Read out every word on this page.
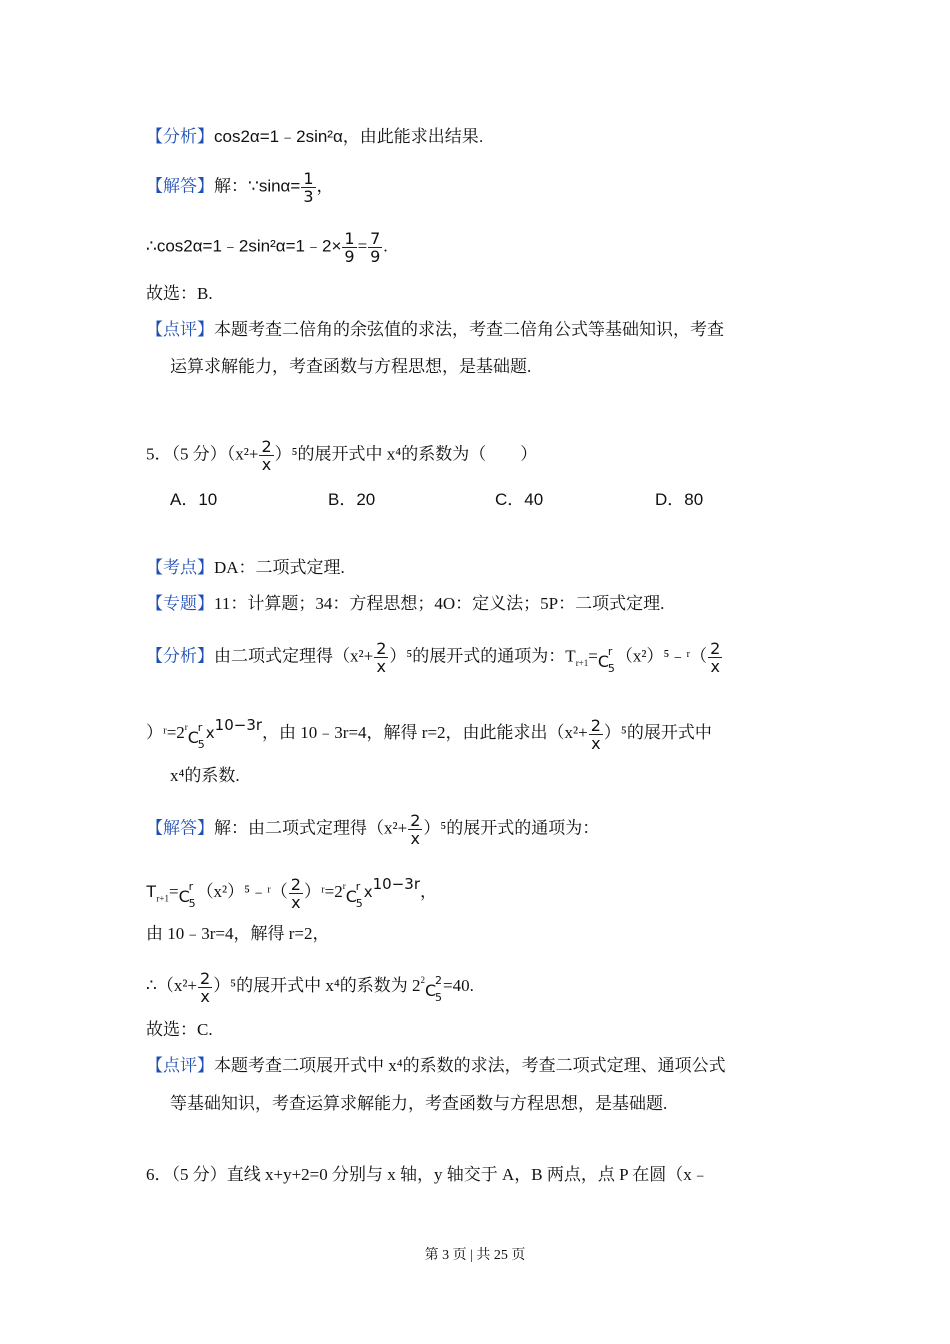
【分析】cos2α=1﹣2sin²α，由此能求出结果.
【解答】解：∵sinα= $\frac{1}{3}$ ，
∴cos2α=1﹣2sin²α=1﹣2× $\frac{1}{9} = \frac{7}{9}$ .
故选：B.
【点评】本题考查二倍角的余弦值的求法，考查二倍角公式等基础知识，考查
运算求解能力，考查函数与方程思想，是基础题.
5．（5 分）$(x^2+ \frac{2}{x} )^5$的展开式中 x⁴的系数为（　　）
A．10	B．20	C．40	D．80
【考点】DA：二项式定理.
【专题】11：计算题；34：方程思想；4O：定义法；5P：二项式定理.
【分析】由二项式定理得$(x^2+ \frac{2}{x} )^5$的展开式的通项为：$T_{r+1}= C$
r
5
（x²）⁵﹣ʳ（ $\frac{2}{x}$
）$ʳ=2^r$
C
r
5
$x^{10-3r}$，由 10﹣3r=4，解得 r=2，由此能求出$(x^2+ \frac{2}{x} )^5$的展开式中
x⁴的系数.
【解答】解：由二项式定理得$(x^2+ \frac{2}{x} )^5$的展开式的通项为：
$T_{r+1}= C$
r
5
（x²）⁵﹣ʳ（ $\frac{2}{x}$ ）$ʳ=2^r$
C
r
5
$x^{10-3r}$，
由 10﹣3r=4，解得 r=2，
∴（x²+ $\frac{2}{x} )^5$的展开式中 x⁴的系数为 $2^2$
C
2
5
=40.
故选：C.
【点评】本题考查二项展开式中 x⁴的系数的求法，考查二项式定理、通项公式
等基础知识，考查运算求解能力，考查函数与方程思想，是基础题.
6．（5 分）直线 x+y+2=0 分别与 x 轴，y 轴交于 A，B 两点，点 P 在圆（x﹣
第 3 页 | 共 25 页
